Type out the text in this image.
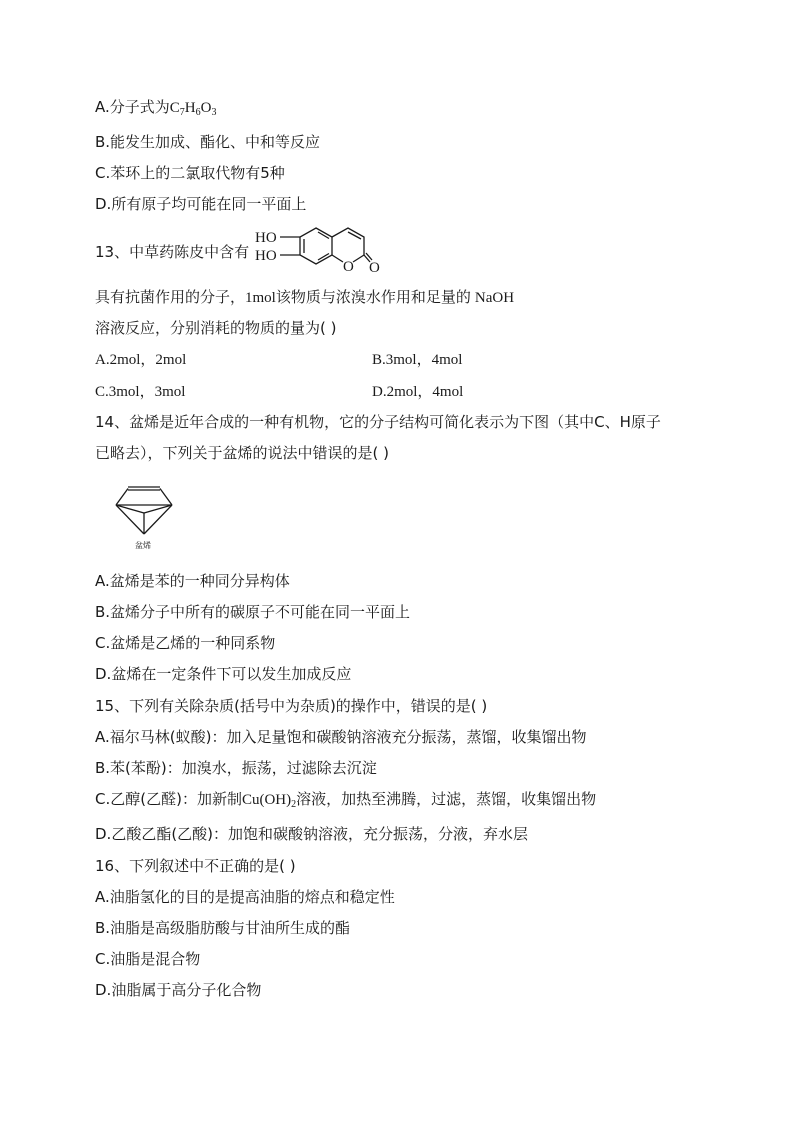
A.分子式为$C_7H_6O_3$
B.能发生加成、酯化、中和等反应
C.苯环上的二氯取代物有5种
D.所有原子均可能在同一平面上
13、中草药陈皮中含有
HO
HO
O O
具有抗菌作用的分子，1mol该物质与浓溴水作用和足量的 NaOH
溶液反应，分别消耗的物质的量为( )
A.2mol，2mol	B.3mol，4mol
C.3mol，3mol	D.2mol，4mol
14、盆烯是近年合成的一种有机物，它的分子结构可简化表示为下图（其中C、H原子
已略去），下列关于盆烯的说法中错误的是( )
盆烯
A.盆烯是苯的一种同分异构体
B.盆烯分子中所有的碳原子不可能在同一平面上
C.盆烯是乙烯的一种同系物
D.盆烯在一定条件下可以发生加成反应
15、下列有关除杂质(括号中为杂质)的操作中，错误的是( )
A.福尔马林(蚁酸)：加入足量饱和碳酸钠溶液充分振荡，蒸馏，收集馏出物
B.苯(苯酚)：加溴水，振荡，过滤除去沉淀
C.乙醇(乙醛)：加新制$Cu(OH)_2$溶液，加热至沸腾，过滤，蒸馏，收集馏出物
D.乙酸乙酯(乙酸)：加饱和碳酸钠溶液，充分振荡，分液，弃水层
16、下列叙述中不正确的是( )
A.油脂氢化的目的是提高油脂的熔点和稳定性
B.油脂是高级脂肪酸与甘油所生成的酯
C.油脂是混合物
D.油脂属于高分子化合物
